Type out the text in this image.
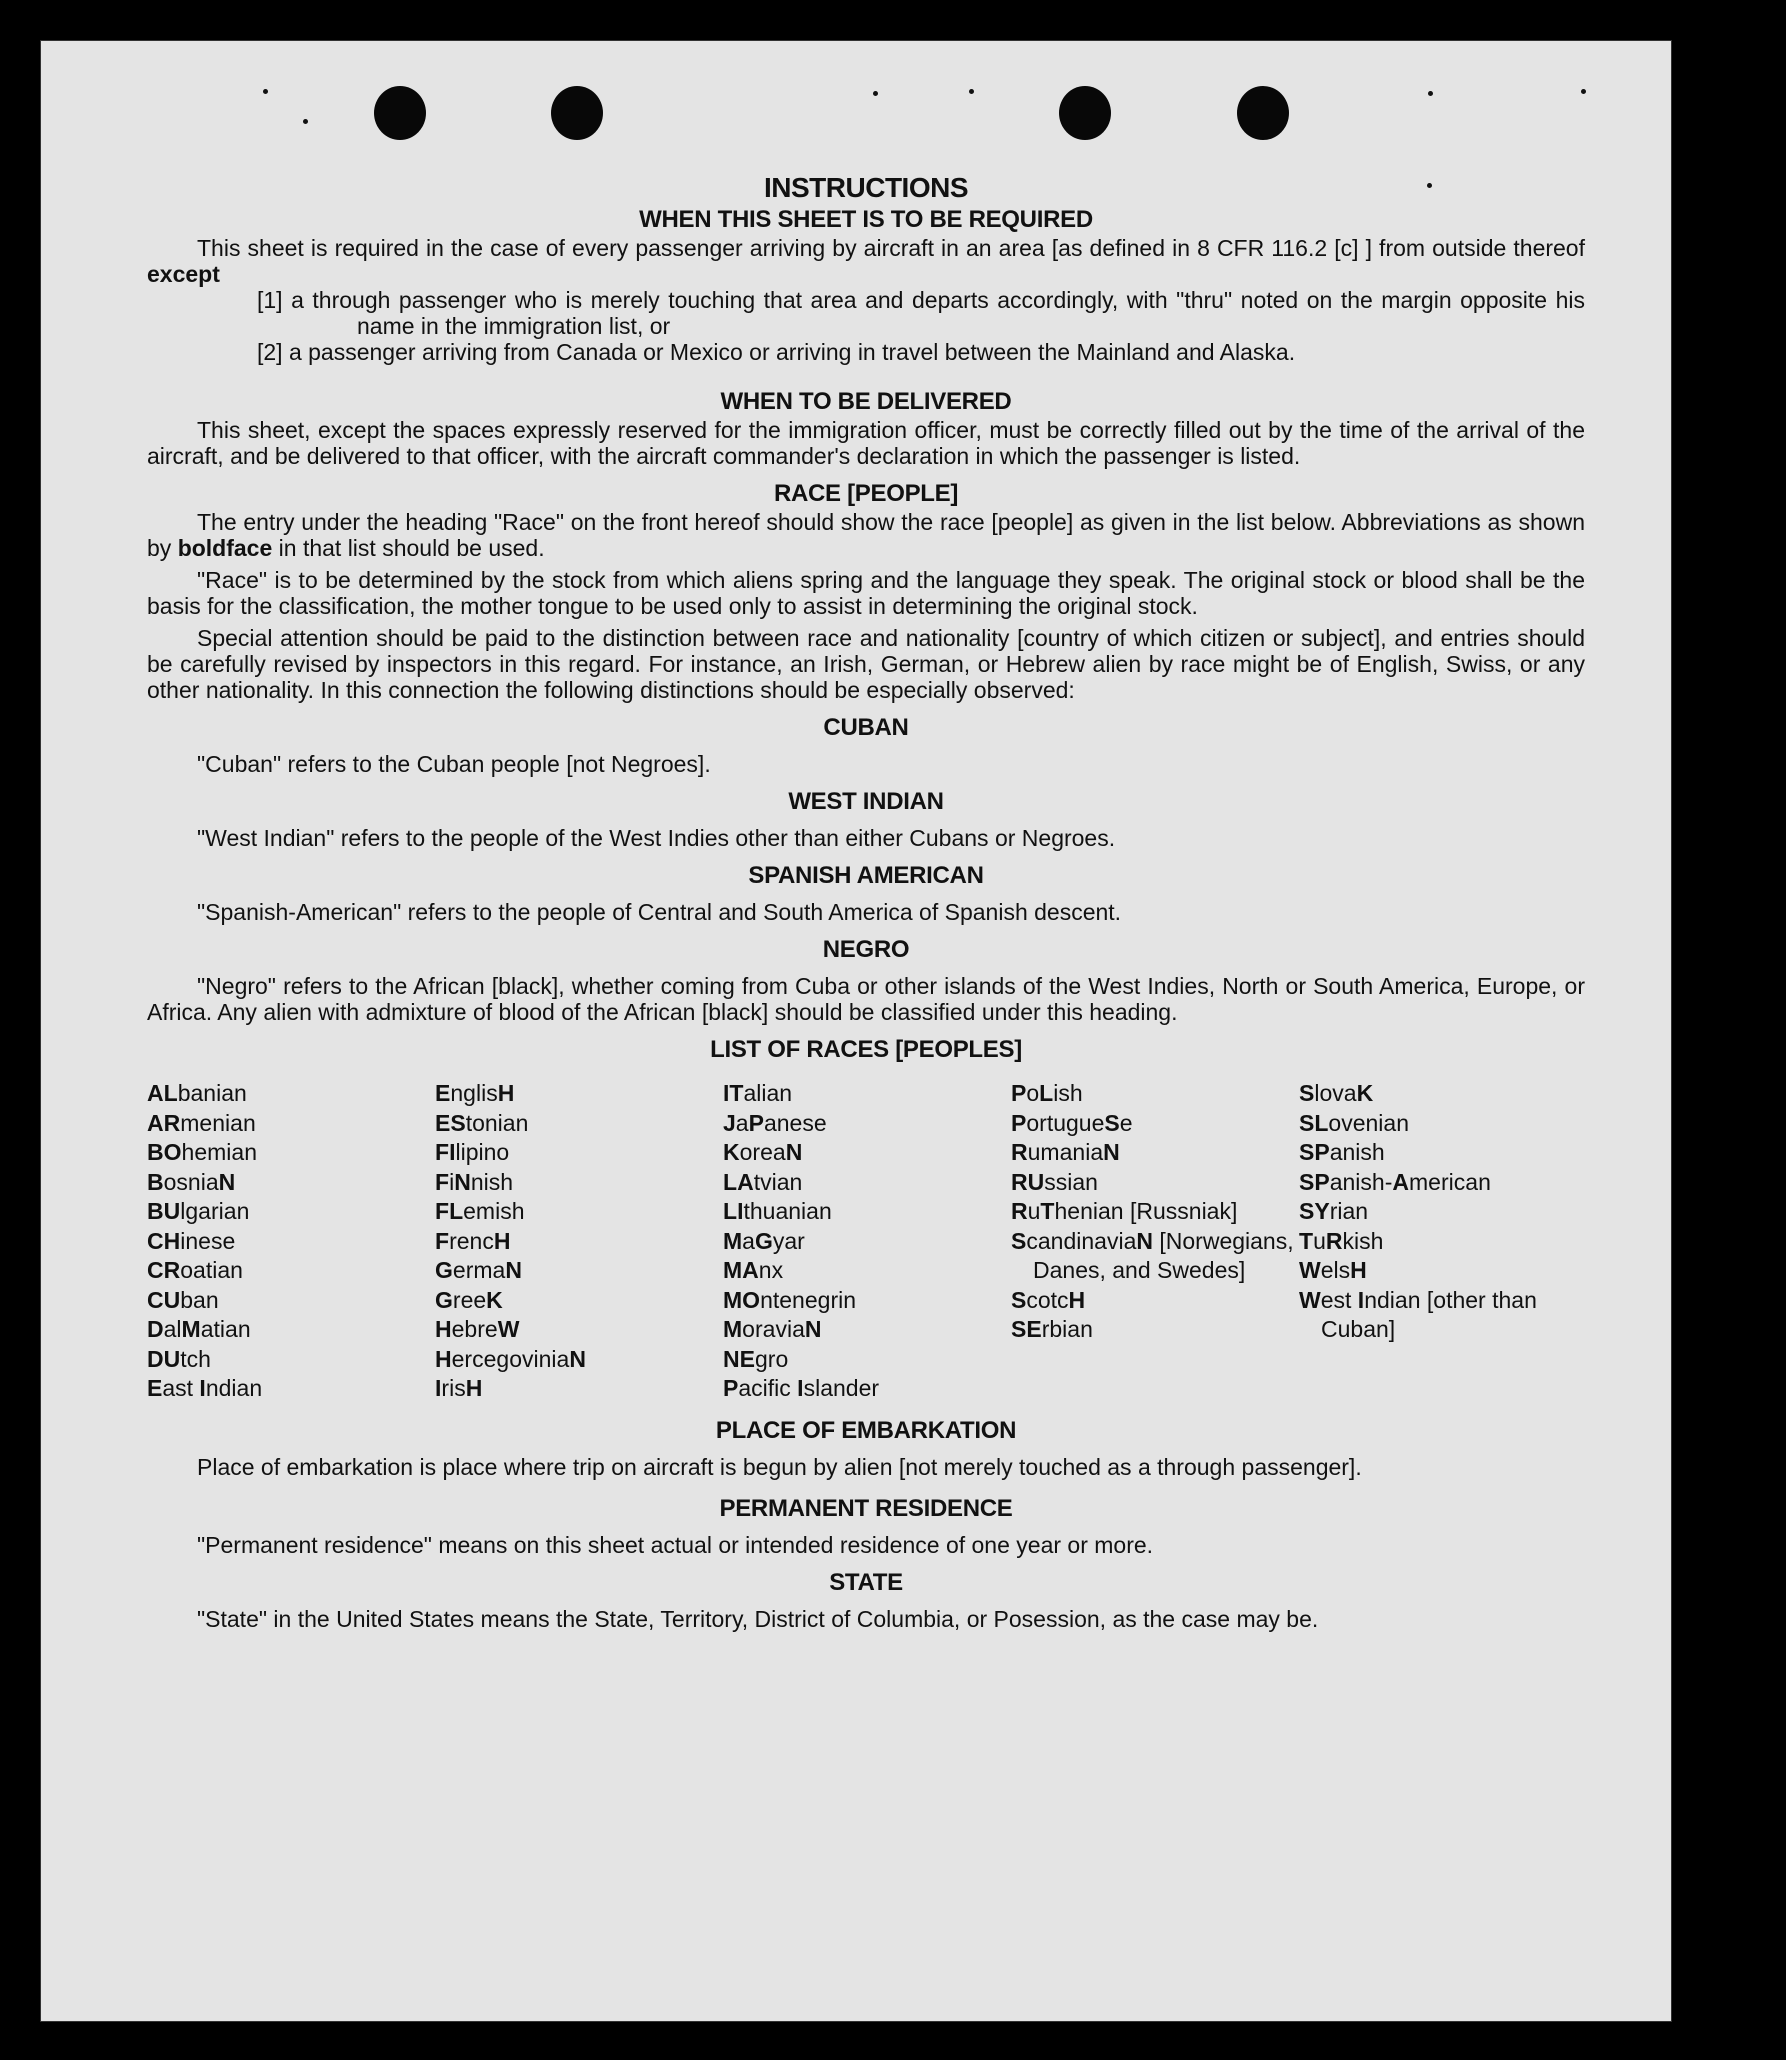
INSTRUCTIONS
WHEN THIS SHEET IS TO BE REQUIRED

This sheet is required in the case of every passenger arriving by aircraft in an area [as defined in 8 CFR 116.2 [c] ] from outside thereof except

[1] a through passenger who is merely touching that area and departs accordingly, with "thru" noted on the margin opposite his name in the immigration list, or

[2] a passenger arriving from Canada or Mexico or arriving in travel between the Mainland and Alaska.

WHEN TO BE DELIVERED

This sheet, except the spaces expressly reserved for the immigration officer, must be correctly filled out by the time of the arrival of the aircraft, and be delivered to that officer, with the aircraft commander's declaration in which the passenger is listed.

RACE [PEOPLE]

The entry under the heading "Race" on the front hereof should show the race [people] as given in the list below. Abbreviations as shown by boldface in that list should be used.

"Race" is to be determined by the stock from which aliens spring and the language they speak. The original stock or blood shall be the basis for the classification, the mother tongue to be used only to assist in determining the original stock.

Special attention should be paid to the distinction between race and nationality [country of which citizen or subject], and entries should be carefully revised by inspectors in this regard. For instance, an Irish, German, or Hebrew alien by race might be of English, Swiss, or any other nationality. In this connection the following distinctions should be especially observed:

CUBAN

"Cuban" refers to the Cuban people [not Negroes].

WEST INDIAN

"West Indian" refers to the people of the West Indies other than either Cubans or Negroes.

SPANISH AMERICAN

"Spanish-American" refers to the people of Central and South America of Spanish descent.

NEGRO

"Negro" refers to the African [black], whether coming from Cuba or other islands of the West Indies, North or South America, Europe, or Africa. Any alien with admixture of blood of the African [black] should be classified under this heading.

LIST OF RACES [PEOPLES]
ALbanian
ARmenian
BOhemian
BosniaN
BUlgarian
CHinese
CRoatian
CUban
DalMatian
DUtch
East Indian
EnglisH
EStonian
FIlipino
FiNnish
FLemish
FrencH
GermaN
GreeK
HebreW
HercegoviniaN
IrisH
ITalian
JaPanese
KoreaN
LAtvian
LIthuanian
MaGyar
MAnx
MOntenegrin
MoraviaN
NEgro
Pacific Islander
PoLish
PortugueSe
RumaniaN
RUssian
RuThenian [Russniak]
ScandinaviaN [Norwegians, Danes, and Swedes]
ScotcH
SErbian
SlovaK
SLovenian
SPanish
SPanish-American
SYrian
TuRkish
WelsH
West Indian [other than Cuban]
PLACE OF EMBARKATION

Place of embarkation is place where trip on aircraft is begun by alien [not merely touched as a through passenger].

PERMANENT RESIDENCE

"Permanent residence" means on this sheet actual or intended residence of one year or more.

STATE

"State" in the United States means the State, Territory, District of Columbia, or Posession, as the case may be.
